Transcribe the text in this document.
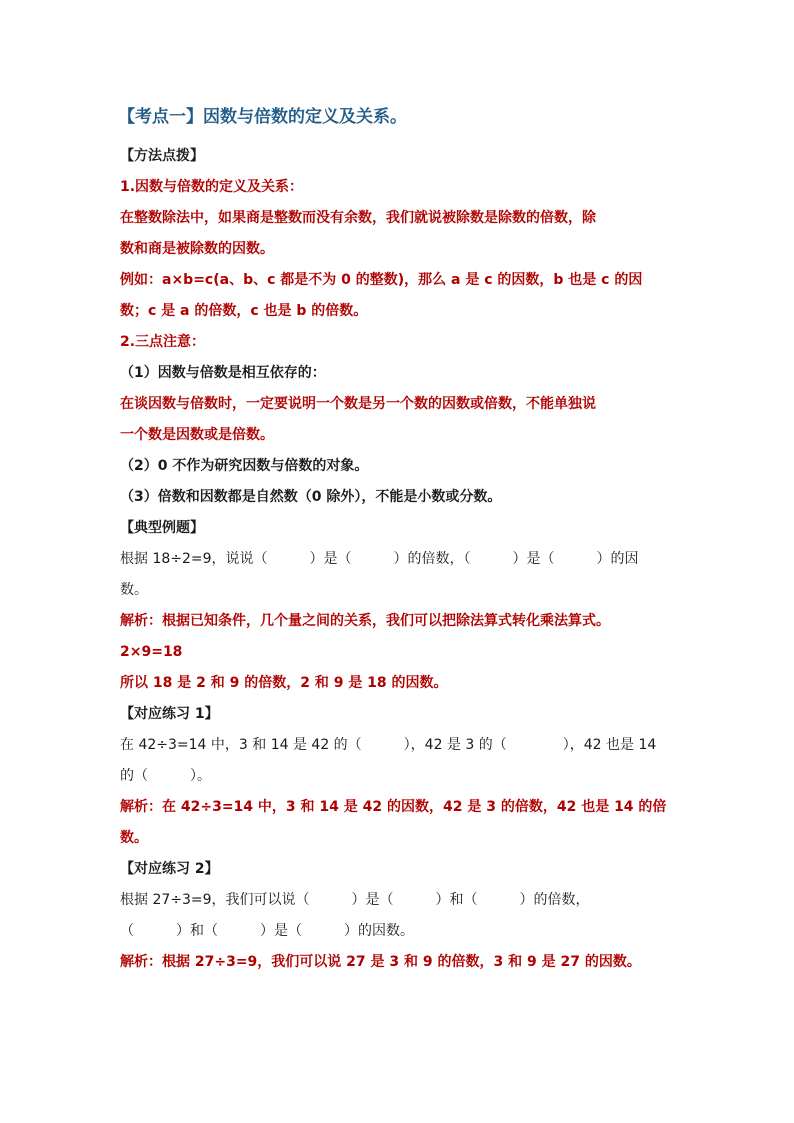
【考点一】因数与倍数的定义及关系。
【方法点拨】
1.因数与倍数的定义及关系：
在整数除法中，如果商是整数而没有余数，我们就说被除数是除数的倍数，除
数和商是被除数的因数。
例如：a×b=c(a、b、c 都是不为 0 的整数)，那么 a 是 c 的因数，b 也是 c 的因
数；c 是 a 的倍数，c 也是 b 的倍数。
2.三点注意：
（1）因数与倍数是相互依存的：
在谈因数与倍数时，一定要说明一个数是另一个数的因数或倍数，不能单独说
一个数是因数或是倍数。
（2）0 不作为研究因数与倍数的对象。
（3）倍数和因数都是自然数（0 除外），不能是小数或分数。
【典型例题】
根据 18÷2=9，说说（　　　）是（　　　）的倍数，（　　　）是（　　　）的因
数。
解析：根据已知条件，几个量之间的关系，我们可以把除法算式转化乘法算式。
2×9=18
所以 18 是 2 和 9 的倍数，2 和 9 是 18 的因数。
【对应练习 1】
在 42÷3=14 中，3 和 14 是 42 的（　　　），42 是 3 的（　　　　），42 也是 14
的（　　　）。
解析：在 42÷3=14 中，3 和 14 是 42 的因数，42 是 3 的倍数，42 也是 14 的倍
数。
【对应练习 2】
根据 27÷3=9，我们可以说（　　　）是（　　　）和（　　　）的倍数，
（　　　）和（　　　）是（　　　）的因数。
解析：根据 27÷3=9，我们可以说 27 是 3 和 9 的倍数，3 和 9 是 27 的因数。
